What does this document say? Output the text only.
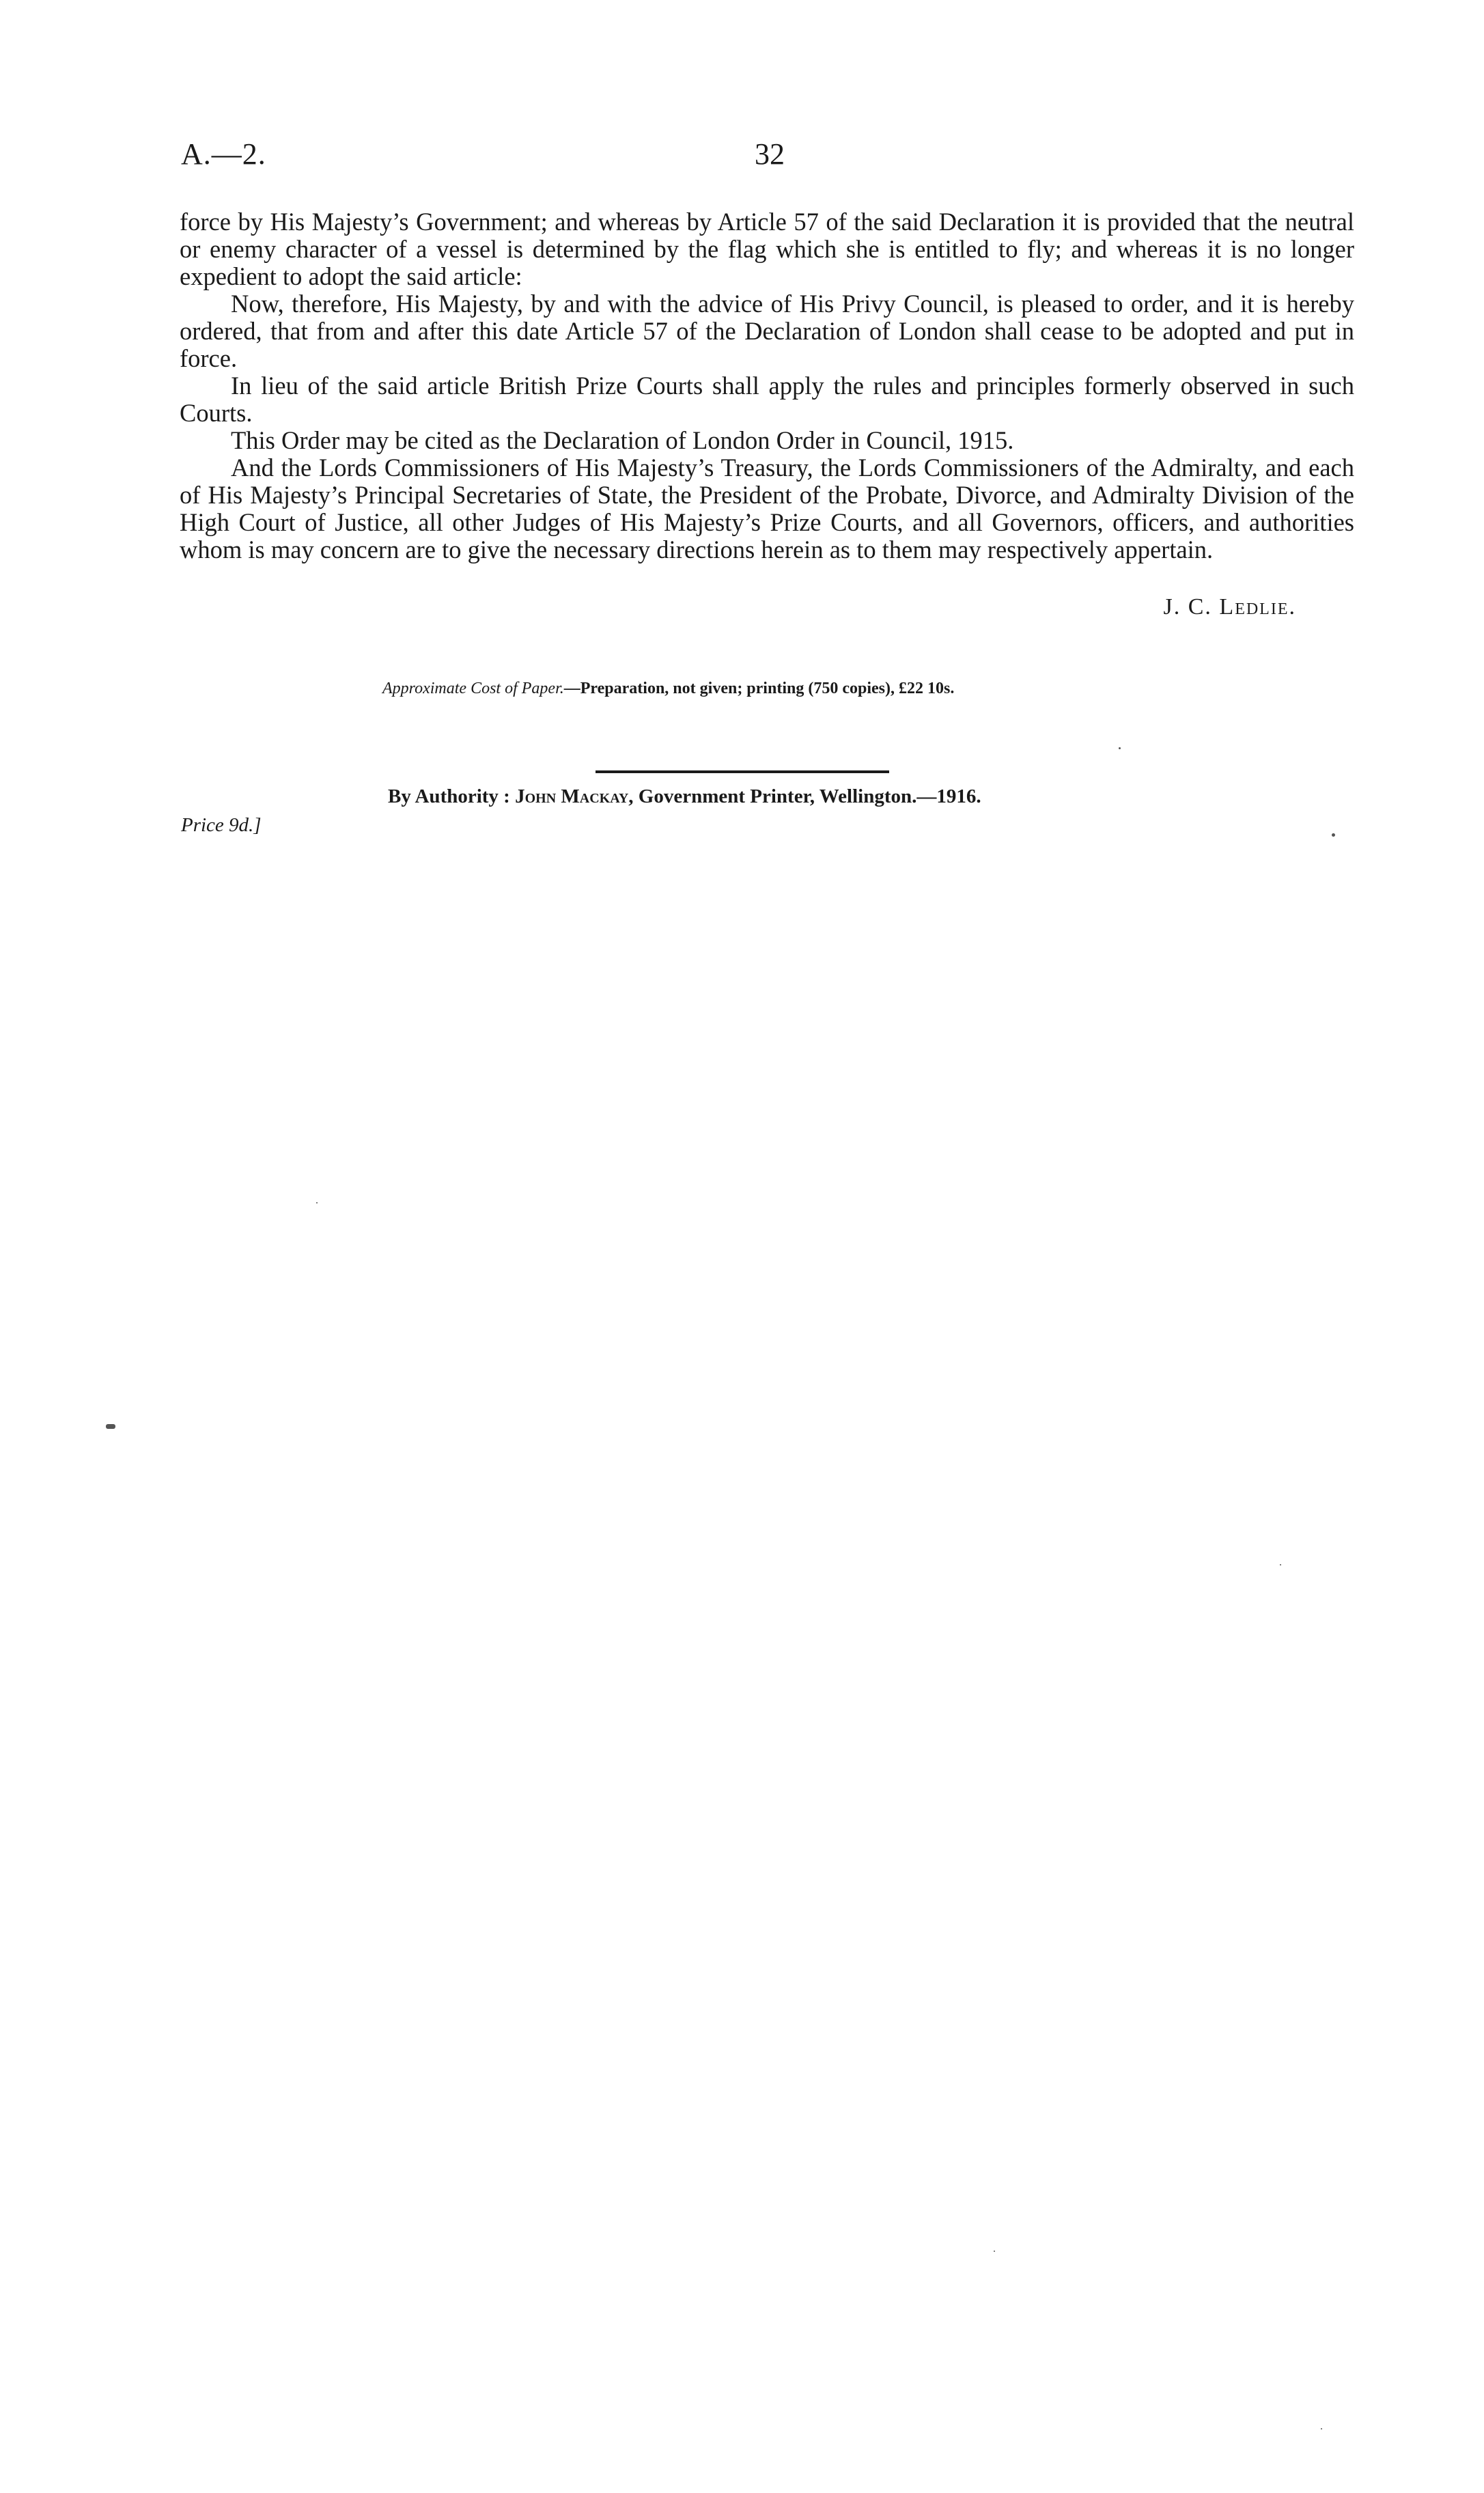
A.—2.	32

force by His Majesty’s Government; and whereas by Article 57 of the said Declaration it is provided that the neutral or enemy character of a vessel is determined by the flag which she is entitled to fly; and whereas it is no longer expedient to adopt the said article:

Now, therefore, His Majesty, by and with the advice of His Privy Council, is pleased to order, and it is hereby ordered, that from and after this date Article 57 of the Declaration of London shall cease to be adopted and put in force.

In lieu of the said article British Prize Courts shall apply the rules and principles formerly observed in such Courts.

This Order may be cited as the Declaration of London Order in Council, 1915.

And the Lords Commissioners of His Majesty’s Treasury, the Lords Commissioners of the Admiralty, and each of His Majesty’s Principal Secretaries of State, the President of the Probate, Divorce, and Admiralty Division of the High Court of Justice, all other Judges of His Majesty’s Prize Courts, and all Governors, officers, and authorities whom is may concern are to give the necessary directions herein as to them may respectively appertain.

J. C. Ledlie.
Approximate Cost of Paper.—Preparation, not given; printing (750 copies), £22 10s.
By Authority : John Mackay, Government Printer, Wellington.—1916.
Price 9d.]
